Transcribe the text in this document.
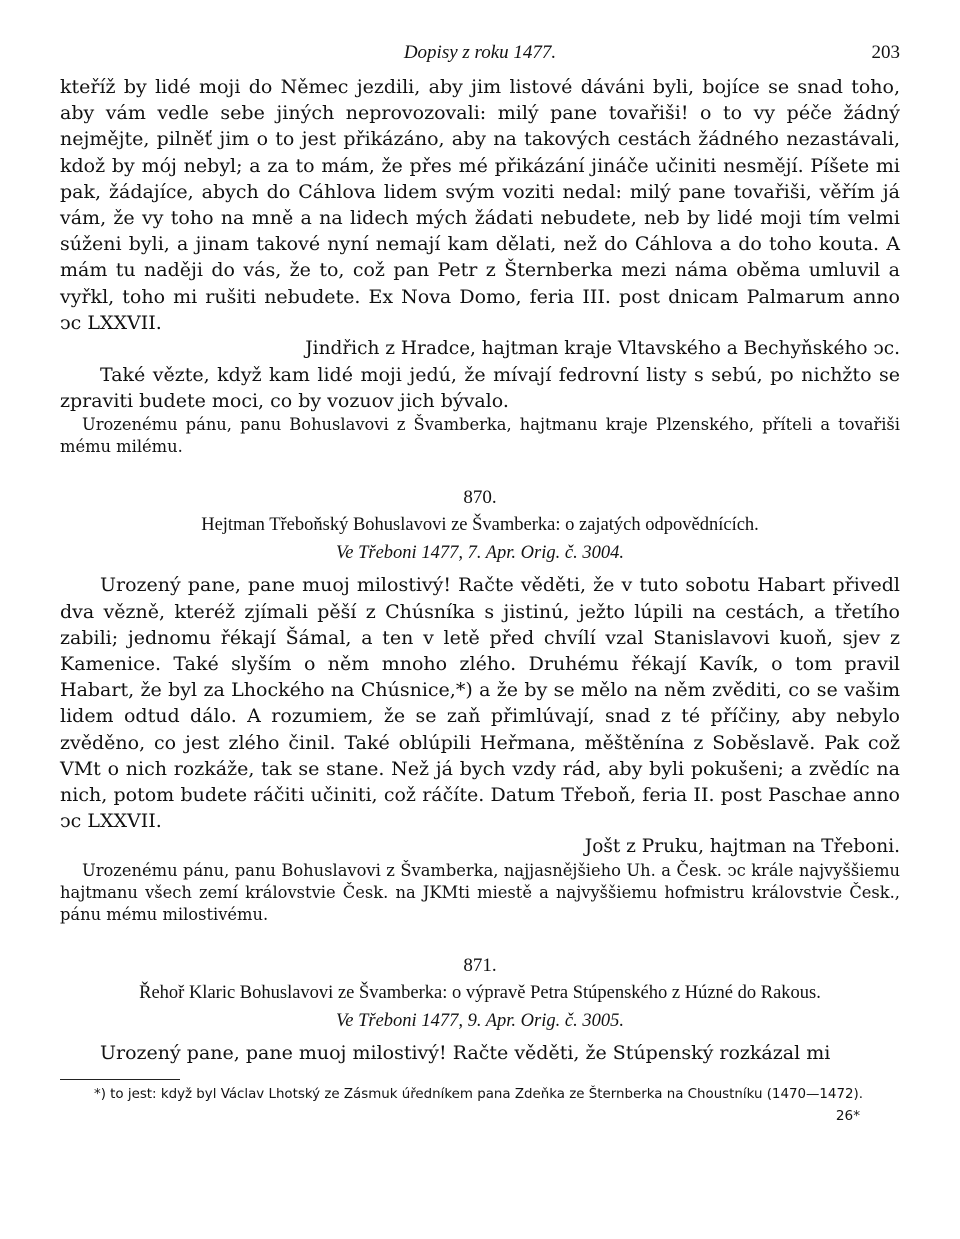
Dopisy z roku 1477.	203

kteříž by lidé moji do Němec jezdili, aby jim listové dáváni byli, bojíce se snad toho, aby vám vedle sebe jiných neprovozovali: milý pane tovařiši! o to vy péče žádný nejmějte, pilněť jim o to jest přikázáno, aby na takových cestách žádného nezastávali, kdož by mój nebyl; a za to mám, že přes mé přikázání jináče učiniti nesmějí. Píšete mi pak, žádajíce, abych do Cáhlova lidem svým voziti nedal: milý pane tovařiši, věřím já vám, že vy toho na mně a na lidech mých žádati nebudete, neb by lidé moji tím velmi súženi byli, a jinam takové nyní nemají kam dělati, než do Cáhlova a do toho kouta. A mám tu naději do vás, že to, což pan Petr z Šternberka mezi náma oběma umluvil a vyřkl, toho mi rušiti nebudete. Ex Nova Domo, feria III. post dnicam Palmarum anno ͻc LXXVII.

Jindřich z Hradce, hajtman kraje Vltavského a Bechyňského ͻc.

Také vězte, když kam lidé moji jedú, že mívají fedrovní listy s sebú, po nichžto se zpraviti budete moci, co by vozuov jich bývalo.

Urozenému pánu, panu Bohuslavovi z Švamberka, hajtmanu kraje Plzenského, příteli a tovařiši mému milému.

870.
Hejtman Třeboňský Bohuslavovi ze Švamberka: o zajatých odpovědnících.
Ve Třeboni 1477, 7. Apr. Orig. č. 3004.

Urozený pane, pane muoj milostivý! Račte věděti, že v tuto sobotu Habart přivedl dva vězně, kteréž zjímali pěší z Chúsníka s jistinú, ježto lúpili na cestách, a třetího zabili; jednomu řékají Šámal, a ten v letě před chvílí vzal Stanislavovi kuoň, sjev z Kamenice. Také slyším o něm mnoho zlého. Druhému řékají Kavík, o tom pravil Habart, že byl za Lhockého na Chúsnice,*) a že by se mělo na něm zvěditi, co se vašim lidem odtud dálo. A rozumiem, že se zaň přimlúvají, snad z té příčiny, aby nebylo zvěděno, co jest zlého činil. Také oblúpili Heřmana, měštěnína z Soběslavě. Pak což VMt o nich rozkáže, tak se stane. Než já bych vzdy rád, aby byli pokušeni; a zvědíc na nich, potom budete ráčiti učiniti, což ráčíte. Datum Třeboň, feria II. post Paschae anno ͻc LXXVII.

Jošt z Pruku, hajtman na Třeboni.

Urozenému pánu, panu Bohuslavovi z Švamberka, najjasnějšieho Uh. a Česk. ͻc krále najvyššiemu hajtmanu všech zemí královstvie Česk. na JKMti miestě a najvyššiemu hofmistru královstvie Česk., pánu mému milostivému.

871.
Řehoř Klaric Bohuslavovi ze Švamberka: o výpravě Petra Stúpenského z Húzné do Rakous.
Ve Třeboni 1477, 9. Apr. Orig. č. 3005.

Urozený pane, pane muoj milostivý! Račte věděti, že Stúpenský rozkázal mi

*) to jest: když byl Václav Lhotský ze Zásmuk úředníkem pana Zdeňka ze Šternberka na Choustníku (1470—1472).

26*
